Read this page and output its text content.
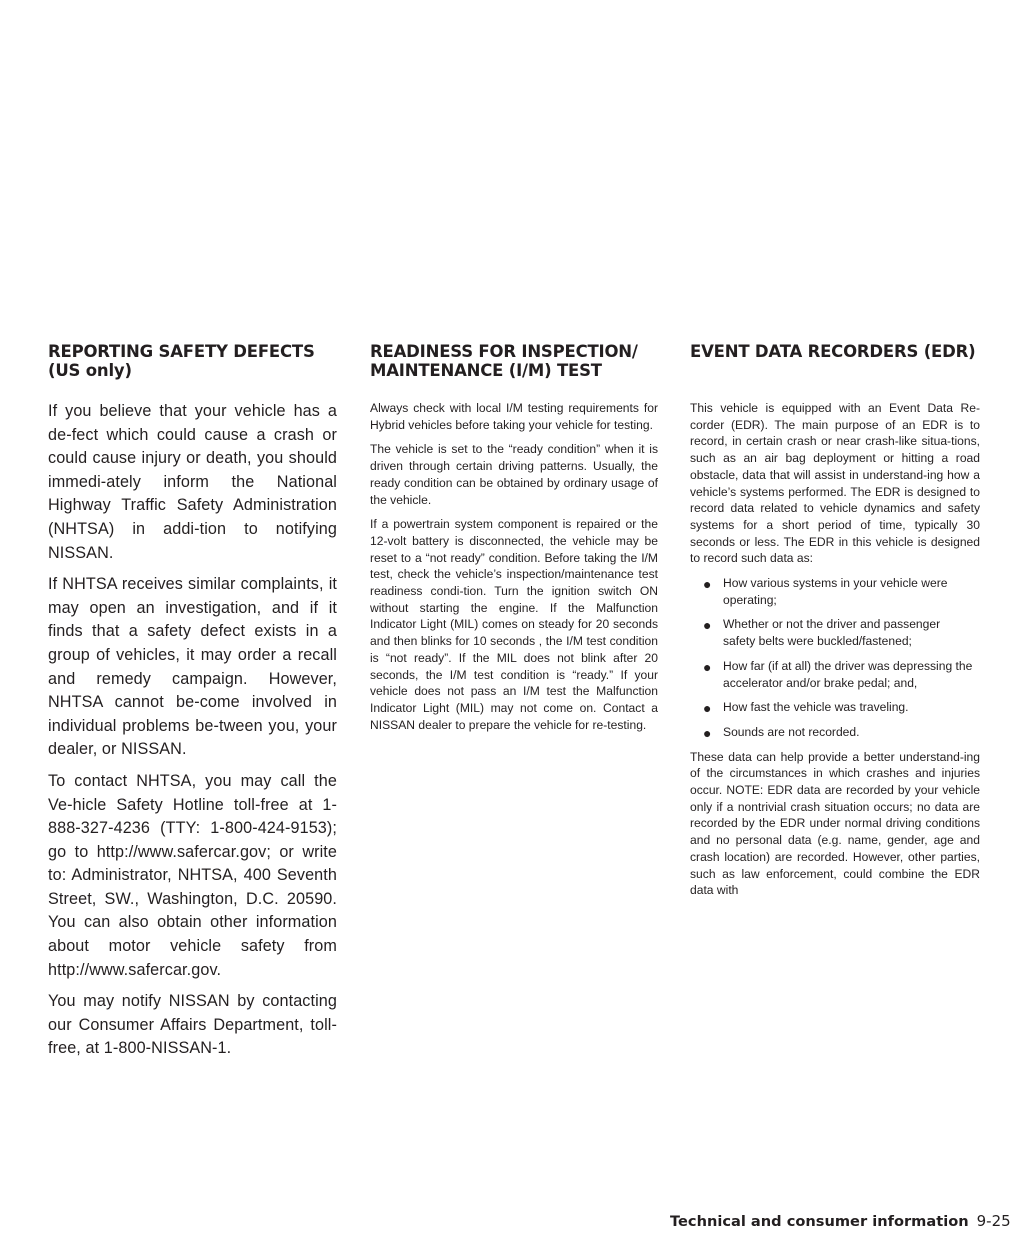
REPORTING SAFETY DEFECTS (US only)

If you believe that your vehicle has a de-fect which could cause a crash or could cause injury or death, you should immedi-ately inform the National Highway Traffic Safety Administration (NHTSA) in addi-tion to notifying NISSAN.

If NHTSA receives similar complaints, it may open an investigation, and if it finds that a safety defect exists in a group of vehicles, it may order a recall and remedy campaign. However, NHTSA cannot be-come involved in individual problems be-tween you, your dealer, or NISSAN.

To contact NHTSA, you may call the Ve-hicle Safety Hotline toll-free at 1-888-327-4236 (TTY: 1-800-424-9153); go to http://www.safercar.gov; or write to: Administrator, NHTSA, 400 Seventh Street, SW., Washington, D.C. 20590. You can also obtain other information about motor vehicle safety from http://www.safercar.gov.

You may notify NISSAN by contacting our Consumer Affairs Department, toll-free, at 1-800-NISSAN-1.

READINESS FOR INSPECTION/ MAINTENANCE (I/M) TEST

Always check with local I/M testing requirements for Hybrid vehicles before taking your vehicle for testing.

The vehicle is set to the “ready condition” when it is driven through certain driving patterns. Usually, the ready condition can be obtained by ordinary usage of the vehicle.

If a powertrain system component is repaired or the 12-volt battery is disconnected, the vehicle may be reset to a “not ready” condition. Before taking the I/M test, check the vehicle’s inspection/maintenance test readiness condi-tion. Turn the ignition switch ON without starting the engine. If the Malfunction Indicator Light (MIL) comes on steady for 20 seconds and then blinks for 10 seconds , the I/M test condition is “not ready”. If the MIL does not blink after 20 seconds, the I/M test condition is “ready.” If your vehicle does not pass an I/M test the Malfunction Indicator Light (MIL) may not come on. Contact a NISSAN dealer to prepare the vehicle for re-testing.

EVENT DATA RECORDERS (EDR)

This vehicle is equipped with an Event Data Re-corder (EDR). The main purpose of an EDR is to record, in certain crash or near crash-like situa-tions, such as an air bag deployment or hitting a road obstacle, data that will assist in understand-ing how a vehicle’s systems performed. The EDR is designed to record data related to vehicle dynamics and safety systems for a short period of time, typically 30 seconds or less. The EDR in this vehicle is designed to record such data as:

● How various systems in your vehicle were operating;
● Whether or not the driver and passenger safety belts were buckled/fastened;
● How far (if at all) the driver was depressing the accelerator and/or brake pedal; and,
● How fast the vehicle was traveling.
● Sounds are not recorded.

These data can help provide a better understand-ing of the circumstances in which crashes and injuries occur. NOTE: EDR data are recorded by your vehicle only if a nontrivial crash situation occurs; no data are recorded by the EDR under normal driving conditions and no personal data (e.g. name, gender, age and crash location) are recorded. However, other parties, such as law enforcement, could combine the EDR data with

Technical and consumer information 9-25
